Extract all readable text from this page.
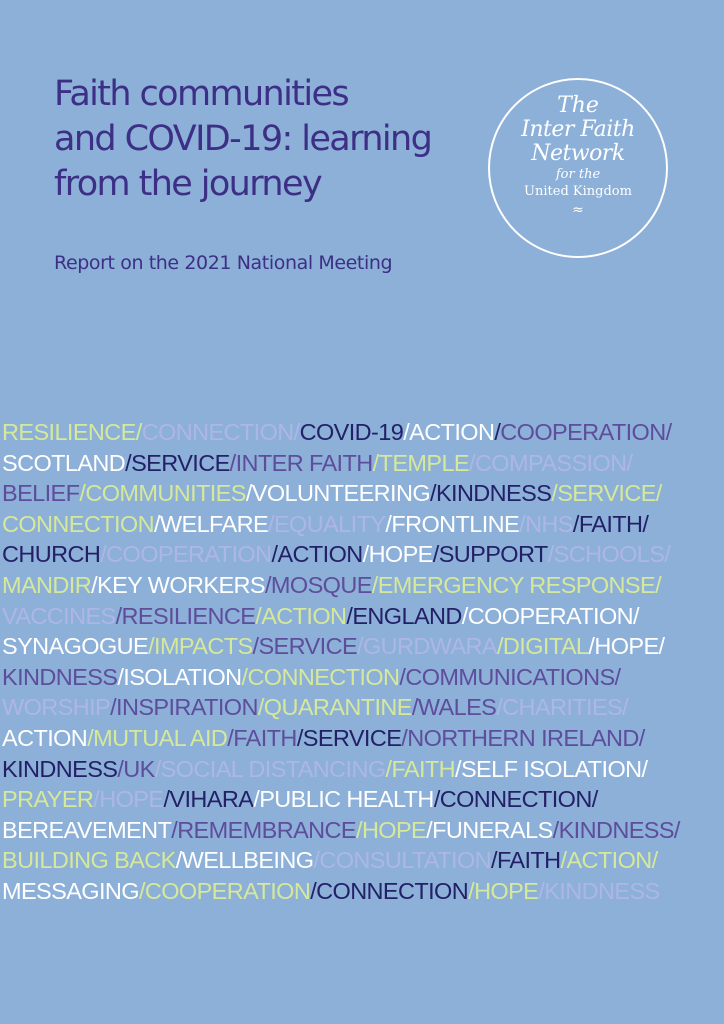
Faith communities
and COVID-19: learning
from the journey
Report on the 2021 National Meeting
The
Inter Faith
Network
for the
United Kingdom
≈
RESILIENCE/CONNECTION/COVID-19/ACTION/COOPERATION/
SCOTLAND/SERVICE/INTER FAITH/TEMPLE/COMPASSION/
BELIEF/COMMUNITIES/VOLUNTEERING/KINDNESS/SERVICE/
CONNECTION/WELFARE/EQUALITY/FRONTLINE/NHS/FAITH/
CHURCH/COOPERATION/ACTION/HOPE/SUPPORT/SCHOOLS/
MANDIR/KEY WORKERS/MOSQUE/EMERGENCY RESPONSE/
VACCINES/RESILIENCE/ACTION/ENGLAND/COOPERATION/
SYNAGOGUE/IMPACTS/SERVICE/GURDWARA/DIGITAL/HOPE/
KINDNESS/ISOLATION/CONNECTION/COMMUNICATIONS/
WORSHIP/INSPIRATION/QUARANTINE/WALES/CHARITIES/
ACTION/MUTUAL AID/FAITH/SERVICE/NORTHERN IRELAND/
KINDNESS/UK/SOCIAL DISTANCING/FAITH/SELF ISOLATION/
PRAYER/HOPE/VIHARA/PUBLIC HEALTH/CONNECTION/
BEREAVEMENT/REMEMBRANCE/HOPE/FUNERALS/KINDNESS/
BUILDING BACK/WELLBEING/CONSULTATION/FAITH/ACTION/
MESSAGING/COOPERATION/CONNECTION/HOPE/KINDNESS
